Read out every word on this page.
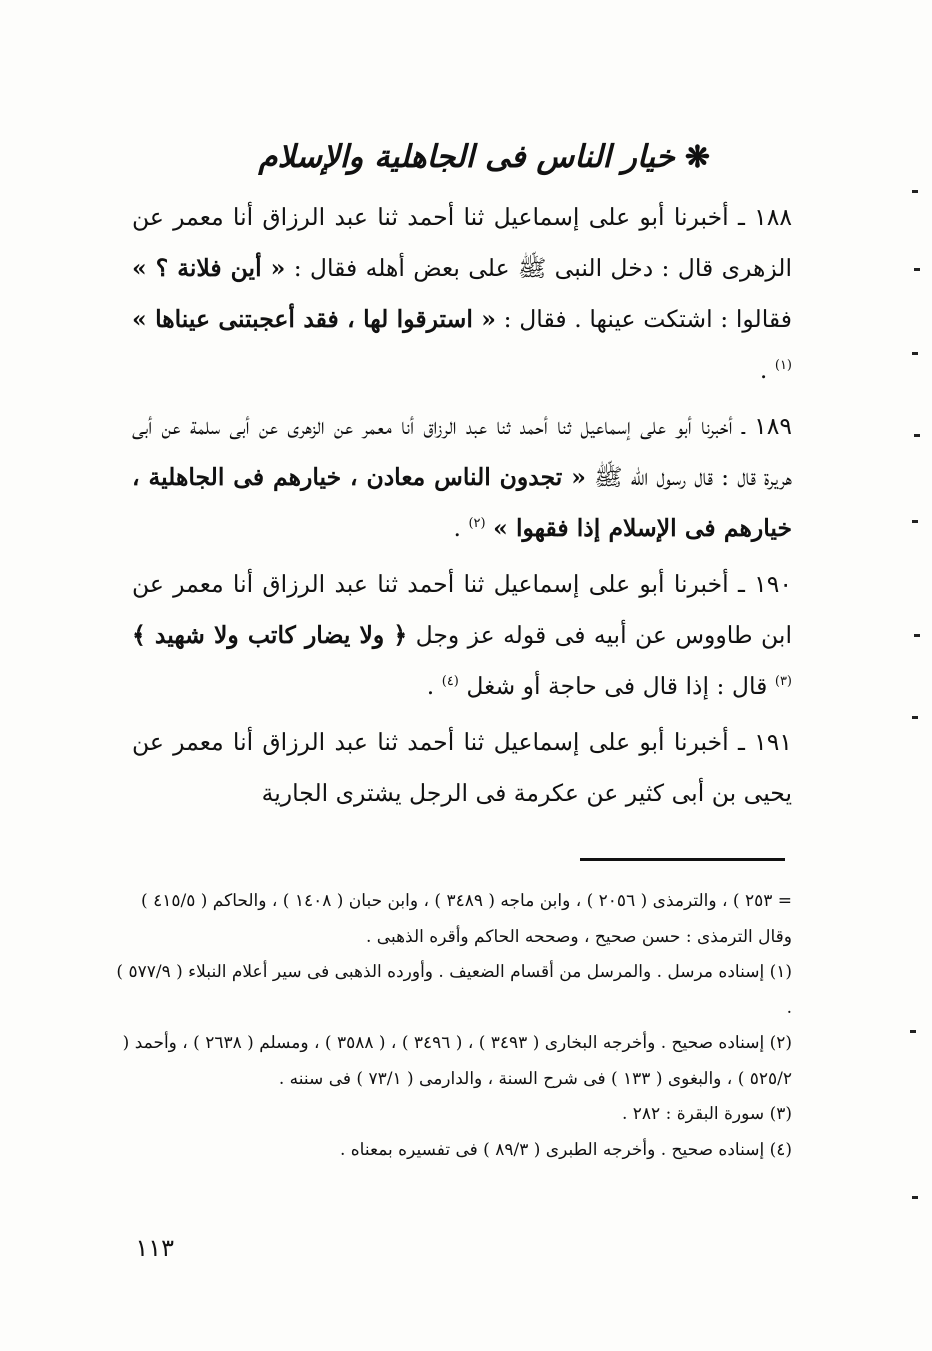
❋
خيار الناس فى الجاهلية والإسلام

١٨٨ ـ أخبرنا أبو على إسماعيل ثنا أحمد ثنا عبد الرزاق أنا معمر عن الزهرى قال : دخل النبى ﷺ على بعض أهله فقال : « أين فلانة ؟ » فقالوا : اشتكت عينها . فقال : « استرقوا لها ، فقد أعجبتنى عيناها » $^{(١)}$ .

١٨٩ ـ أخبرنا أبو على إسماعيل ثنا أحمد ثنا عبد الرزاق أنا معمر عن الزهرى عن أبى سلمة عن أبى هريرة قال : قال رسول الله ﷺ « تجدون الناس معادن ، خيارهم فى الجاهلية ، خيارهم فى الإسلام إذا فقهوا » $^{(٢)}$ .

١٩٠ ـ أخبرنا أبو على إسماعيل ثنا أحمد ثنا عبد الرزاق أنا معمر عن ابن طاووس عن أبيه فى قوله عز وجل ﴿ ولا يضار كاتب ولا شهيد ﴾ $^{(٣)}$ قال : إذا قال فى حاجة أو شغل $^{(٤)}$ .

١٩١ ـ أخبرنا أبو على إسماعيل ثنا أحمد ثنا عبد الرزاق أنا معمر عن يحيى بن أبى كثير عن عكرمة فى الرجل يشترى الجارية

= ٢٥٣ ) ، والترمذى ( ٢٠٥٦ ) ، وابن ماجه ( ٣٤٨٩ ) ، وابن حبان ( ١٤٠٨ ) ، والحاكم ( ٤١٥/٥ ) وقال الترمذى : حسن صحيح ، وصححه الحاكم وأقره الذهبى .

(١) إسناده مرسل . والمرسل من أقسام الضعيف . وأورده الذهبى فى سير أعلام النبلاء ( ٥٧٧/٩ ) .

(٢) إسناده صحيح . وأخرجه البخارى ( ٣٤٩٣ ) ، ( ٣٤٩٦ ) ، ( ٣٥٨٨ ) ، ومسلم ( ٢٦٣٨ ) ، وأحمد ( ٥٢٥/٢ ) ، والبغوى ( ١٣٣ ) فى شرح السنة ، والدارمى ( ٧٣/١ ) فى سننه .

(٣) سورة البقرة : ٢٨٢ .

(٤) إسناده صحيح . وأخرجه الطبرى ( ٨٩/٣ ) فى تفسيره بمعناه .

١١٣
